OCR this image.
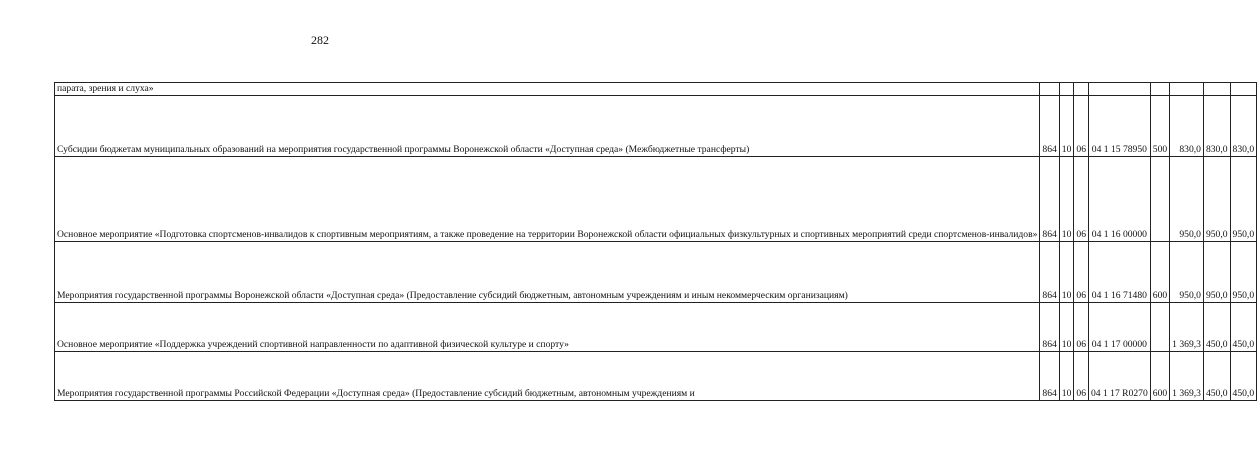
282
парата, зрения и слуха»								
Субсидии бюджетам муниципальных образований на мероприятия государственной программы Воронежской области «Доступная среда» (Межбюджетные трансферты)	864	10	06	04 1 15 78950	500	830,0	830,0	830,0
Основное мероприятие «Подготовка спортсменов-инвалидов к спортивным мероприятиям, а также проведение на территории Воронежской области официальных физкультурных и спортивных мероприятий среди спортсменов-инвалидов»	864	10	06	04 1 16 00000		950,0	950,0	950,0
Мероприятия государственной программы Воронежской области «Доступная среда» (Предоставление субсидий бюджетным, автономным учреждениям и иным некоммерческим организациям)	864	10	06	04 1 16 71480	600	950,0	950,0	950,0
Основное мероприятие «Поддержка учреждений спортивной направленности по адаптивной физической культуре и спорту»	864	10	06	04 1 17 00000		1 369,3	450,0	450,0
Мероприятия государственной программы Российской Федерации «Доступная среда» (Предоставление субсидий бюджетным, автономным учреждениям и	864	10	06	04 1 17 R0270	600	1 369,3	450,0	450,0
